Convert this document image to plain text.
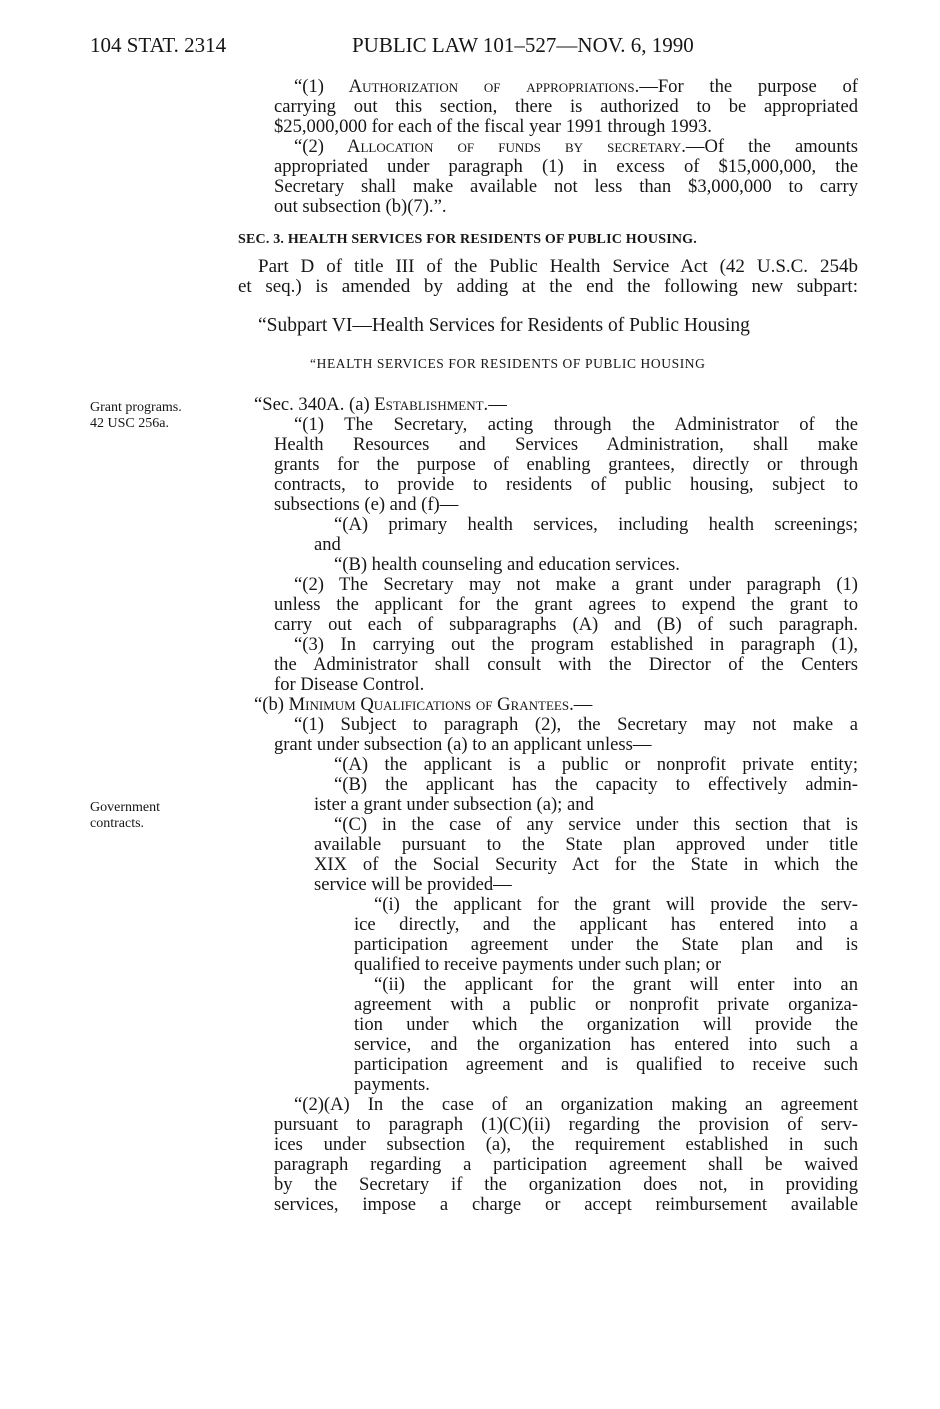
104 STAT. 2314	PUBLIC LAW 101–527—NOV. 6, 1990
Grant programs.
42 USC 256a.
Government
contracts.
“(1) Authorization of appropriations.—For the purpose of
carrying out this section, there is authorized to be appropriated
$25,000,000 for each of the fiscal year 1991 through 1993.
“(2) Allocation of funds by secretary.—Of the amounts
appropriated under paragraph (1) in excess of $15,000,000, the
Secretary shall make available not less than $3,000,000 to carry
out subsection (b)(7).”.
SEC. 3. HEALTH SERVICES FOR RESIDENTS OF PUBLIC HOUSING.
Part D of title III of the Public Health Service Act (42 U.S.C. 254b
et seq.) is amended by adding at the end the following new subpart:
“Subpart VI—Health Services for Residents of Public Housing
“HEALTH SERVICES FOR RESIDENTS OF PUBLIC HOUSING
“Sec. 340A. (a) Establishment.—
“(1) The Secretary, acting through the Administrator of the
Health Resources and Services Administration, shall make
grants for the purpose of enabling grantees, directly or through
contracts, to provide to residents of public housing, subject to
subsections (e) and (f)—
“(A) primary health services, including health screenings;
and
“(B) health counseling and education services.
“(2) The Secretary may not make a grant under paragraph (1)
unless the applicant for the grant agrees to expend the grant to
carry out each of subparagraphs (A) and (B) of such paragraph.
“(3) In carrying out the program established in paragraph (1),
the Administrator shall consult with the Director of the Centers
for Disease Control.
“(b) Minimum Qualifications of Grantees.—
“(1) Subject to paragraph (2), the Secretary may not make a
grant under subsection (a) to an applicant unless—
“(A) the applicant is a public or nonprofit private entity;
“(B) the applicant has the capacity to effectively admin-
ister a grant under subsection (a); and
“(C) in the case of any service under this section that is
available pursuant to the State plan approved under title
XIX of the Social Security Act for the State in which the
service will be provided—
“(i) the applicant for the grant will provide the serv-
ice directly, and the applicant has entered into a
participation agreement under the State plan and is
qualified to receive payments under such plan; or
“(ii) the applicant for the grant will enter into an
agreement with a public or nonprofit private organiza-
tion under which the organization will provide the
service, and the organization has entered into such a
participation agreement and is qualified to receive such
payments.
“(2)(A) In the case of an organization making an agreement
pursuant to paragraph (1)(C)(ii) regarding the provision of serv-
ices under subsection (a), the requirement established in such
paragraph regarding a participation agreement shall be waived
by the Secretary if the organization does not, in providing
services, impose a charge or accept reimbursement available
